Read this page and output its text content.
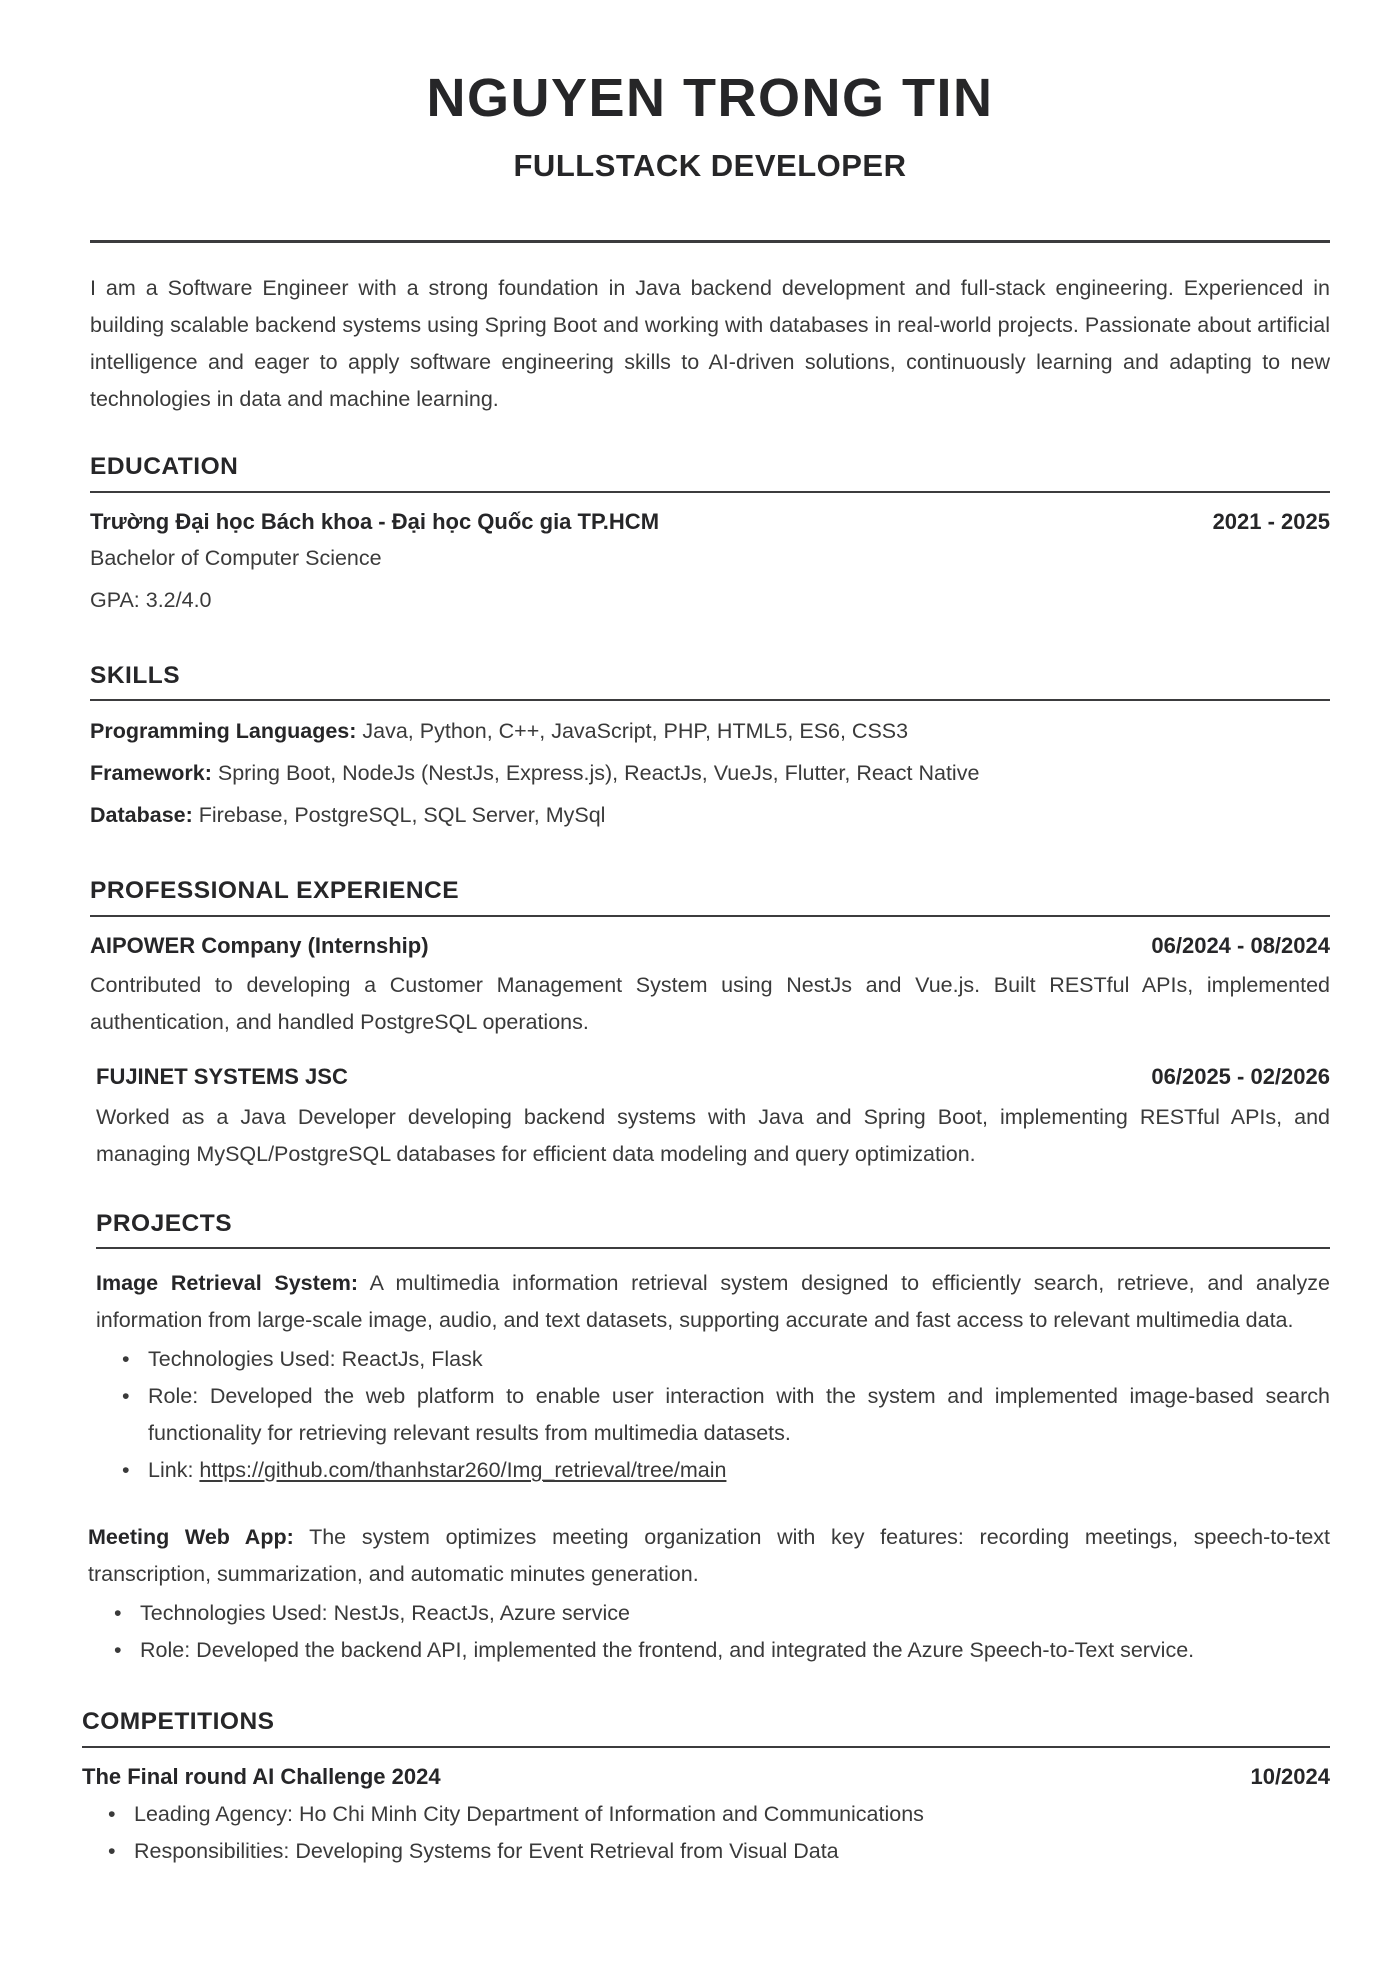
NGUYEN TRONG TIN
FULLSTACK DEVELOPER

I am a Software Engineer with a strong foundation in Java backend development and full-stack engineering. Experienced in building scalable backend systems using Spring Boot and working with databases in real-world projects. Passionate about artificial intelligence and eager to apply software engineering skills to AI-driven solutions, continuously learning and adapting to new technologies in data and machine learning.

EDUCATION
Trường Đại học Bách khoa - Đại học Quốc gia TP.HCM	2021 - 2025
Bachelor of Computer Science
GPA: 3.2/4.0
SKILLS
Programming Languages: Java, Python, C++, JavaScript, PHP, HTML5, ES6, CSS3
Framework: Spring Boot, NodeJs (NestJs, Express.js), ReactJs, VueJs, Flutter, React Native
Database: Firebase, PostgreSQL, SQL Server, MySql
PROFESSIONAL EXPERIENCE
AIPOWER Company (Internship)	06/2024 - 08/2024

Contributed to developing a Customer Management System using NestJs and Vue.js. Built RESTful APIs, implemented authentication, and handled PostgreSQL operations.

FUJINET SYSTEMS JSC	06/2025 - 02/2026

Worked as a Java Developer developing backend systems with Java and Spring Boot, implementing RESTful APIs, and managing MySQL/PostgreSQL databases for efficient data modeling and query optimization.

PROJECTS

Image Retrieval System: A multimedia information retrieval system designed to efficiently search, retrieve, and analyze information from large-scale image, audio, and text datasets, supporting accurate and fast access to relevant multimedia data.

• Technologies Used: ReactJs, Flask
• Role: Developed the web platform to enable user interaction with the system and implemented image-based search functionality for retrieving relevant results from multimedia datasets.
• Link: https://github.com/thanhstar260/Img_retrieval/tree/main

Meeting Web App: The system optimizes meeting organization with key features: recording meetings, speech-to-text transcription, summarization, and automatic minutes generation.

• Technologies Used: NestJs, ReactJs, Azure service
• Role: Developed the backend API, implemented the frontend, and integrated the Azure Speech-to-Text service.
COMPETITIONS
The Final round AI Challenge 2024	10/2024
• Leading Agency: Ho Chi Minh City Department of Information and Communications
• Responsibilities: Developing Systems for Event Retrieval from Visual Data
